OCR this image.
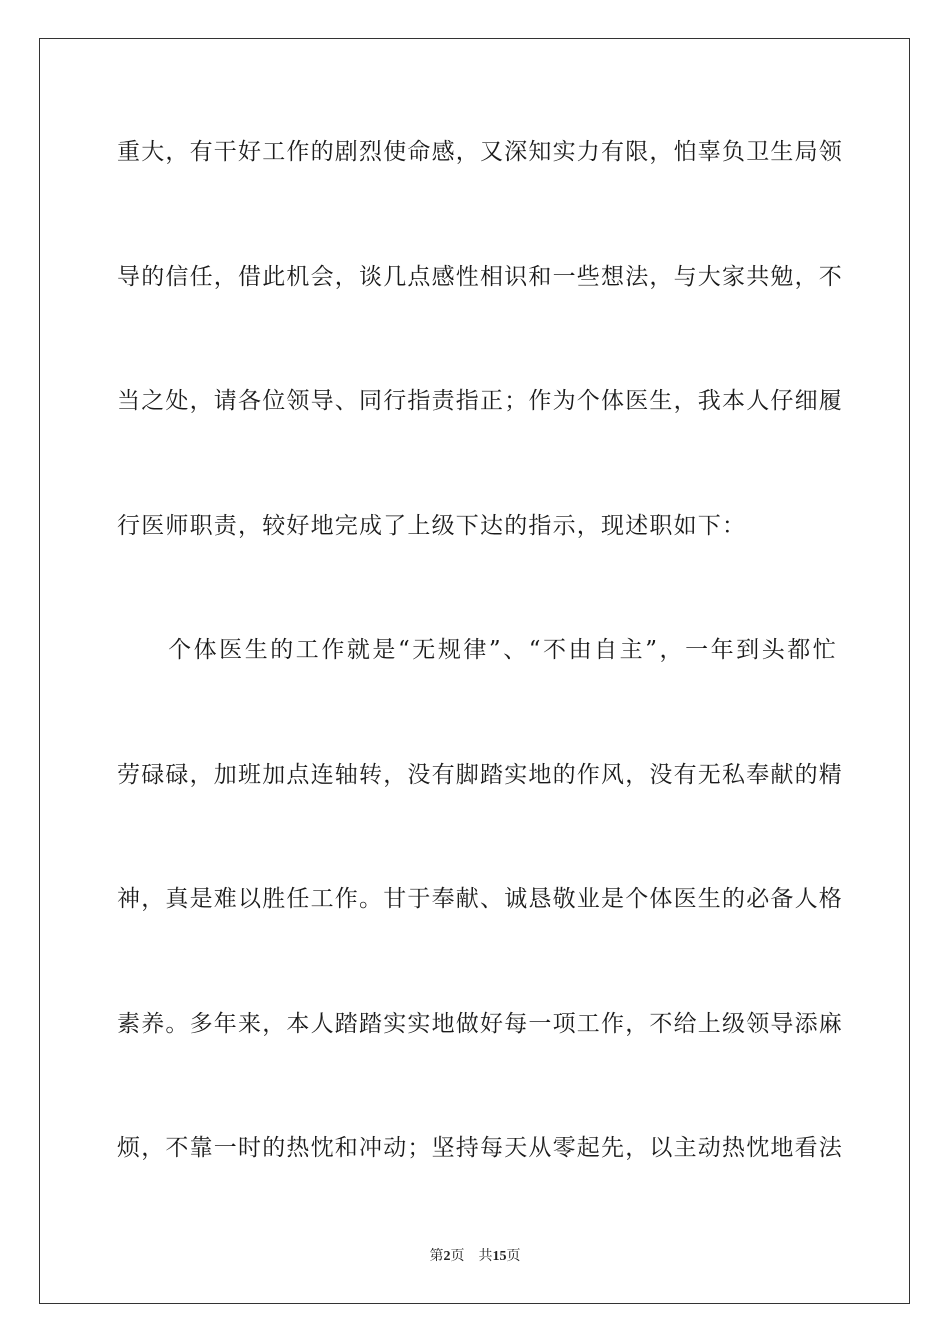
重大，有干好工作的剧烈使命感，又深知实力有限，怕辜负卫生局领
导的信任，借此机会，谈几点感性相识和一些想法，与大家共勉，不
当之处，请各位领导、同行指责指正；作为个体医生，我本人仔细履
行医师职责，较好地完成了上级下达的指示，现述职如下：
　　个体医生的工作就是“无规律”、“不由自主”，一年到头都忙
劳碌碌，加班加点连轴转，没有脚踏实地的作风，没有无私奉献的精
神，真是难以胜任工作。甘于奉献、诚恳敬业是个体医生的必备人格
素养。多年来，本人踏踏实实地做好每一项工作，不给上级领导添麻
烦，不靠一时的热忱和冲动；坚持每天从零起先，以主动热忱地看法
第2页 共15页
